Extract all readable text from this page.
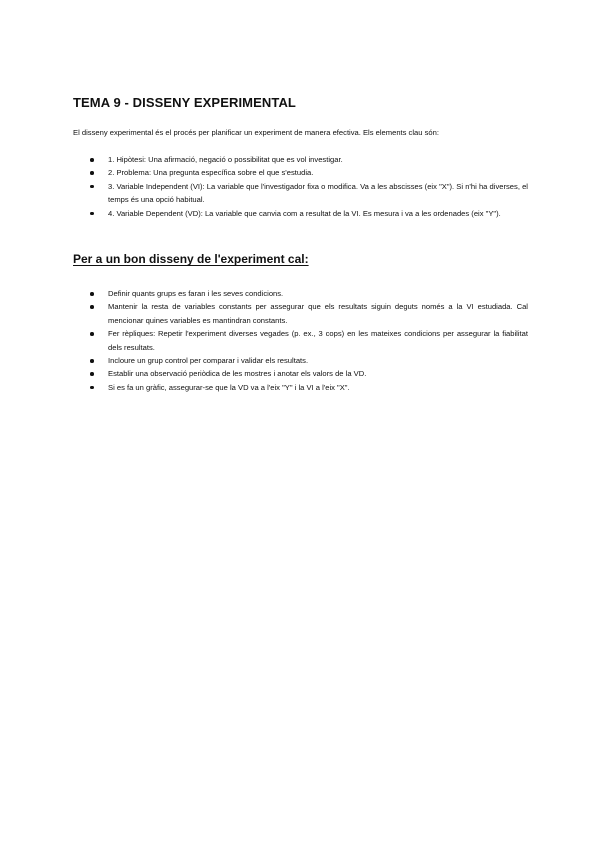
TEMA 9 - DISSENY EXPERIMENTAL

El disseny experimental és el procés per planificar un experiment de manera efectiva. Els elements clau són:

1. Hipòtesi: Una afirmació, negació o possibilitat que es vol investigar.
2. Problema: Una pregunta específica sobre el que s'estudia.
3. Variable Independent (VI): La variable que l'investigador fixa o modifica. Va a les abscisses (eix "X"). Si n'hi ha diverses, el temps és una opció habitual.
4. Variable Dependent (VD): La variable que canvia com a resultat de la VI. Es mesura i va a les ordenades (eix "Y").
Per a un bon disseny de l'experiment cal:
Definir quants grups es faran i les seves condicions.
Mantenir la resta de variables constants per assegurar que els resultats siguin deguts només a la VI estudiada. Cal mencionar quines variables es mantindran constants.
Fer rèpliques: Repetir l'experiment diverses vegades (p. ex., 3 cops) en les mateixes condicions per assegurar la fiabilitat dels resultats.
Incloure un grup control per comparar i validar els resultats.
Establir una observació periòdica de les mostres i anotar els valors de la VD.
Si es fa un gràfic, assegurar-se que la VD va a l'eix "Y" i la VI a l'eix "X".
